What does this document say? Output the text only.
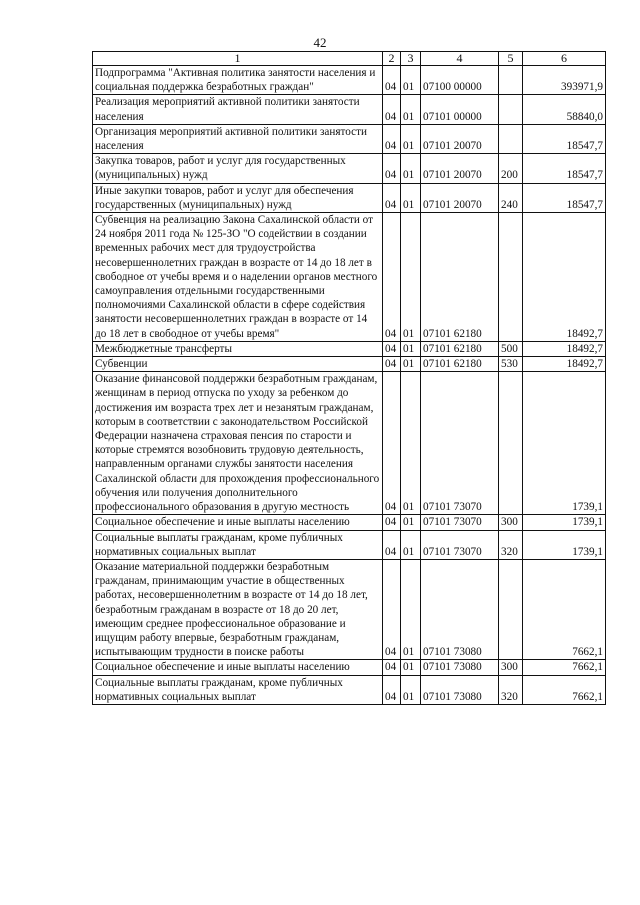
42
1	2	3	4	5	6
Подпрограмма "Активная политика занятости населения и социальная поддержка безработных граждан"	04	01	07100 00000		393971,9
Реализация мероприятий активной политики занятости населения	04	01	07101 00000		58840,0
Организация мероприятий активной политики занятости населения	04	01	07101 20070		18547,7
Закупка товаров, работ и услуг для государственных (муниципальных) нужд	04	01	07101 20070	200	18547,7
Иные закупки товаров, работ и услуг для обеспечения государственных (муниципальных) нужд	04	01	07101 20070	240	18547,7
Субвенция на реализацию Закона Сахалинской области от 24 ноября 2011 года № 125-ЗО "О содействии в создании временных рабочих мест для трудоустройства несовершеннолетних граждан в возрасте от 14 до 18 лет в свободное от учебы время и о наделении органов местного самоуправления отдельными государственными полномочиями Сахалинской области в сфере содействия занятости несовершеннолетних граждан в возрасте от 14 до 18 лет в свободное от учебы время"	04	01	07101 62180		18492,7
Межбюджетные трансферты	04	01	07101 62180	500	18492,7
Субвенции	04	01	07101 62180	530	18492,7
Оказание финансовой поддержки безработным гражданам, женщинам в период отпуска по уходу за ребенком до достижения им возраста трех лет и незанятым гражданам, которым в соответствии с законодательством Российской Федерации назначена страховая пенсия по старости и которые стремятся возобновить трудовую деятельность, направленным органами службы занятости населения Сахалинской области для прохождения профессионального обучения или получения дополнительного профессионального образования в другую местность	04	01	07101 73070		1739,1
Социальное обеспечение и иные выплаты населению	04	01	07101 73070	300	1739,1
Социальные выплаты гражданам, кроме публичных нормативных социальных выплат	04	01	07101 73070	320	1739,1
Оказание материальной поддержки безработным гражданам, принимающим участие в общественных работах, несовершеннолетним в возрасте от 14 до 18 лет, безработным гражданам в возрасте от 18 до 20 лет, имеющим среднее профессиональное образование и ищущим работу впервые, безработным гражданам, испытывающим трудности в поиске работы	04	01	07101 73080		7662,1
Социальное обеспечение и иные выплаты населению	04	01	07101 73080	300	7662,1
Социальные выплаты гражданам, кроме публичных нормативных социальных выплат	04	01	07101 73080	320	7662,1
